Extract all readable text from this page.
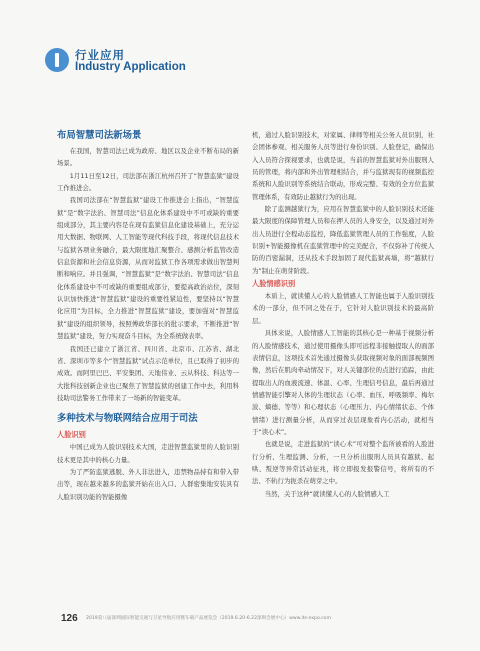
行业应用
Industry Application
布局智慧司法新场景

在我国，智慧司法已成为政府、地区以及企业不断布局的新场景。

1月11日至12日，司法部在浙江杭州召开了“智慧监狱”建设工作推进会。

我国司法部在“智慧监狱”建设工作推进会上指出，“智慧监狱”是“数字法治、智慧司法”信息化体系建设中不可或缺的重要组成部分，其主要内容是在现有监狱信息化建设基础上，充分运用大数据、物联网、人工智能等现代科技手段，将现代信息技术与监狱各项业务融合，最大限度地汇聚整合、感测分析监管改造信息资源和社会信息资源，从而对监狱工作各项需求做出智慧判断和响应。并且强调，“智慧监狱”是“数字法治、智慧司法”信息化体系建设中不可或缺的重要组成部分，要提高政治站位，深刻认识加快推进“智慧监狱”建设的重要性紧迫性，要坚持以“智慧化应用”为目标，全力推进“智慧监狱”建设，要加强对“智慧监狱”建设的组织领导，按照傅政华部长的批示要求，不断推进“智慧监狱”建设，努力实现奋斗目标，为全系统做表率。

我国还已建立了浙江省、四川省、北京市、江苏省、湖北省、深圳市等多个“智慧监狱”试点示范单位，且已取得了初步的成效。而阿里巴巴、平安集团、天地伟业、云从科技、科达等一大批科技创新企业也已聚焦了智慧监狱的创建工作中去，利用科技助司法警务工作带来了一场新的智能变革。

多种技术与物联网结合应用于司法
人脸识别

中国已成为人脸识别技术大国，走进智慧监狱里的人脸识别技术更是其中的核心力量。

为了严防监狱逃脱、外人非法进入，违禁物品持有和带入带出等，现在越来越多的监狱开始在出入口、人群密集地安装具有人脸识别功能的智能摄像

机，通过人脸识别技术，对家属、律师等相关公务人员识别，社会团体参观、相关服务人员等进行身份识别、人脸登记，确保出入人员符合探视要求，也就是说，当前的智慧监狱对外出服刑人员的管理，将内部和外出管理相结合，并与监狱现有的视频监控系统和人脸识别等系统结合联动，形成完整、有效的全方位监狱管理体系，有效防止越狱行为的出现。

除了监测越狱行为，应用在智慧监狱中的人脸识别技术还能最大限度的保障管理人员和在押人员的人身安全，以及通过对外出人员进行全程动态监控，降低监狱管理人员的工作强度，人脸识别+智能摄像机在监狱管理中的完美配合，不仅弥补了传统人防的百密漏洞，还从技术手段加固了现代监狱高墙，将“越狱行为”制止在萌芽阶段。

人脸情感识别

本质上，就读懂人心的人脸情感人工智能也属于人脸识别技术的一部分，但不同之处在于，它针对人脸识别技术的最高阶层。

具体来说，人脸情感人工智能的其核心是一种基于视频分析的人脸情感技术，通过使用摄像头即可远程非接触提取人的面部表情信息，这项技术首先通过摄像头获取视频对象的面部视频图像，然后在肌肉牵动情况下，对人关键部位的点进行追踪，由此提取出人的血液流速、体温、心率、生理信号信息，最后再通过情感智能引擎对人体的生理状态（心率、血压、呼吸频率、梅尔波、熵德、等等）和心理状态（心理压力、内心情绪状态、个体情绪）进行测量分析，从而穿过表层现象看内心活动，就相当于“读心术”。

也就是说，走进监狱的“读心术”可对整个监所被看的人脸进行分析、生理监测、分析，一旦分析出服刑人员具有越狱、起哄、叛逆等异常活动征兆，将立即报发报警信号，将所有的不法、不轨行为扼杀在萌芽之中。

当然，关于这种“就读懂人心的人脸情感人工

126 2019第八届深圳国际智能交通与卫星导航应用暨车载产品展览会（2019.6.20-6.22深圳会展中心）www.its-expo.com
